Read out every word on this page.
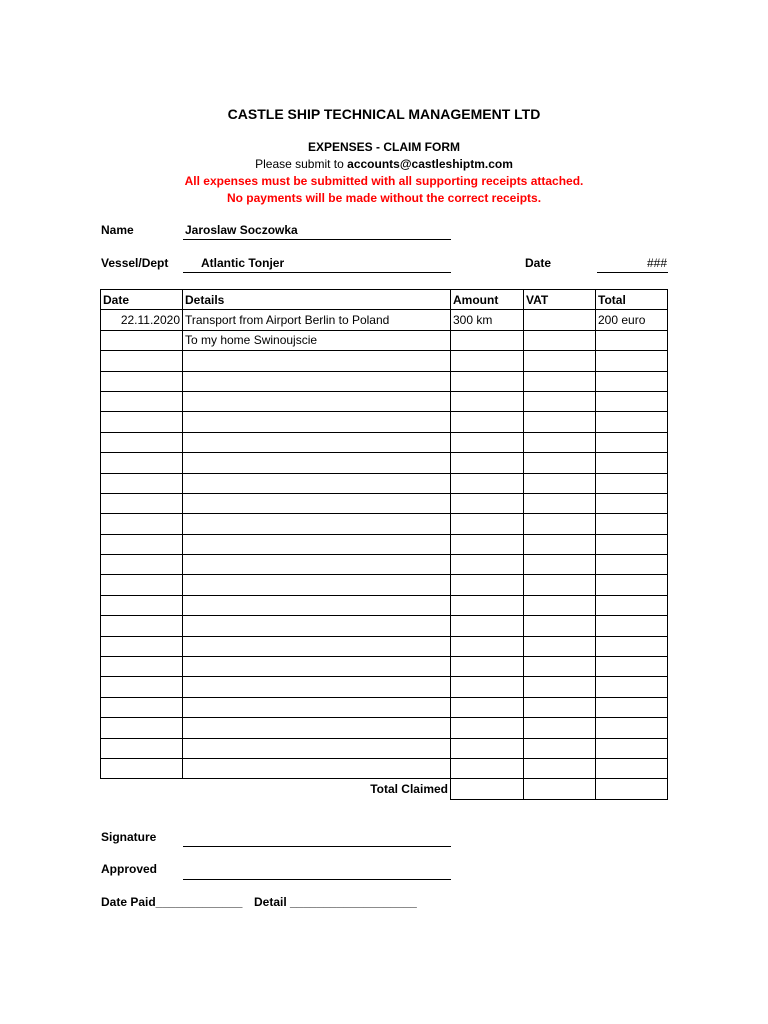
CASTLE SHIP TECHNICAL MANAGEMENT LTD
EXPENSES - CLAIM FORM
Please submit to accounts@castleshiptm.com
All expenses must be submitted with all supporting receipts attached.
No payments will be made without the correct receipts.
Name	Jaroslaw Soczowka
Vessel/Dept	Atlantic Tonjer	Date	###
Date	Details	Amount	VAT	Total
22.11.2020	Transport from Airport Berlin to Poland	300 km		200 euro
	To my home Swinoujscie			

Total Claimed				
Signature
Approved
Date Paid_____________ Detail ___________________
